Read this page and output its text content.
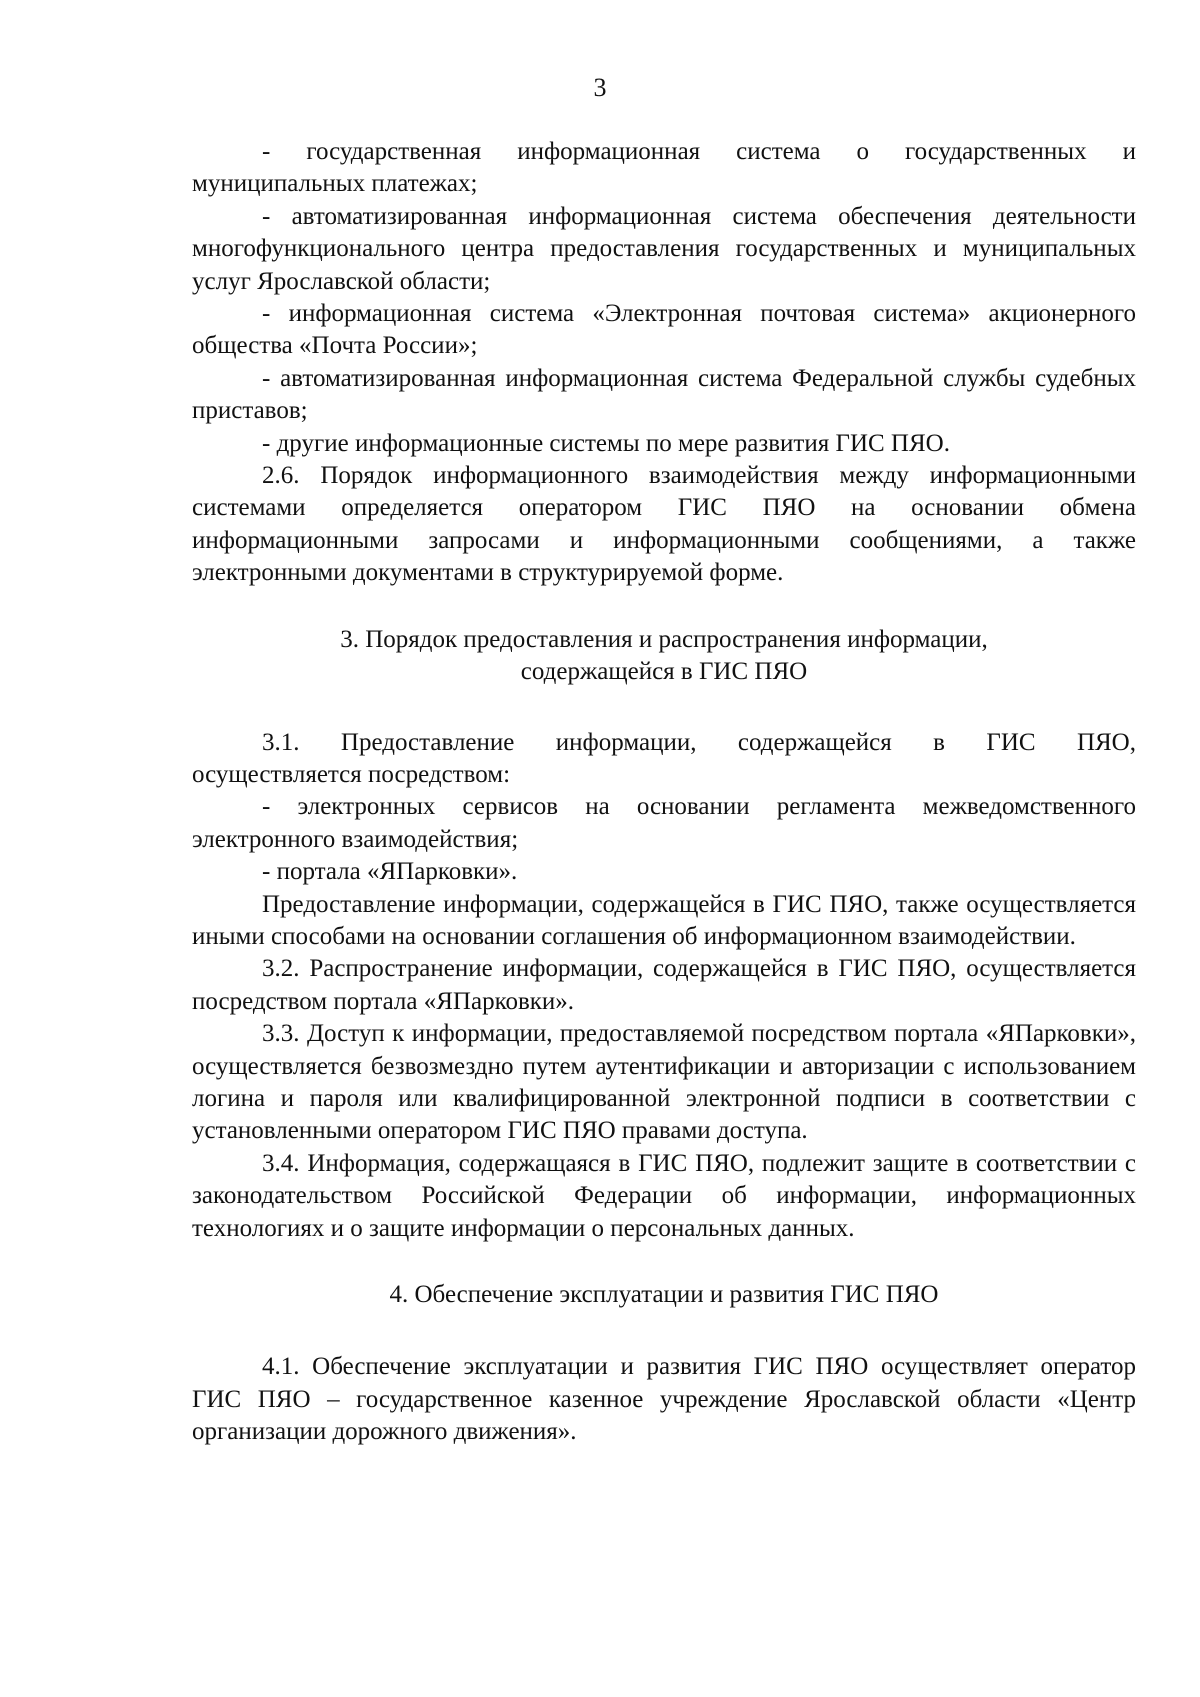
3

- государственная информационная система о государственных и муниципальных платежах;

- автоматизированная информационная система обеспечения деятельности многофункционального центра предоставления государственных и муниципальных услуг Ярославской области;

- информационная система «Электронная почтовая система» акционерного общества «Почта России»;

- автоматизированная информационная система Федеральной службы судебных приставов;

- другие информационные системы по мере развития ГИС ПЯО.

2.6. Порядок информационного взаимодействия между информационными системами определяется оператором ГИС ПЯО на основании обмена информационными запросами и информационными сообщениями, а также электронными документами в структурируемой форме.

3. Порядок предоставления и распространения информации,
содержащейся в ГИС ПЯО

3.1. Предоставление информации, содержащейся в ГИС ПЯО,

осуществляется посредством:

- электронных сервисов на основании регламента межведомственного электронного взаимодействия;

- портала «ЯПарковки».

Предоставление информации, содержащейся в ГИС ПЯО, также осуществляется иными способами на основании соглашения об информационном взаимодействии.

3.2. Распространение информации, содержащейся в ГИС ПЯО, осуществляется посредством портала «ЯПарковки».

3.3. Доступ к информации, предоставляемой посредством портала «ЯПарковки», осуществляется безвозмездно путем аутентификации и авторизации с использованием логина и пароля или квалифицированной электронной подписи в соответствии с установленными оператором ГИС ПЯО правами доступа.

3.4. Информация, содержащаяся в ГИС ПЯО, подлежит защите в соответствии с законодательством Российской Федерации об информации, информационных технологиях и о защите информации о персональных данных.

4. Обеспечение эксплуатации и развития ГИС ПЯО

4.1. Обеспечение эксплуатации и развития ГИС ПЯО осуществляет оператор ГИС ПЯО – государственное казенное учреждение Ярославской области «Центр организации дорожного движения».
